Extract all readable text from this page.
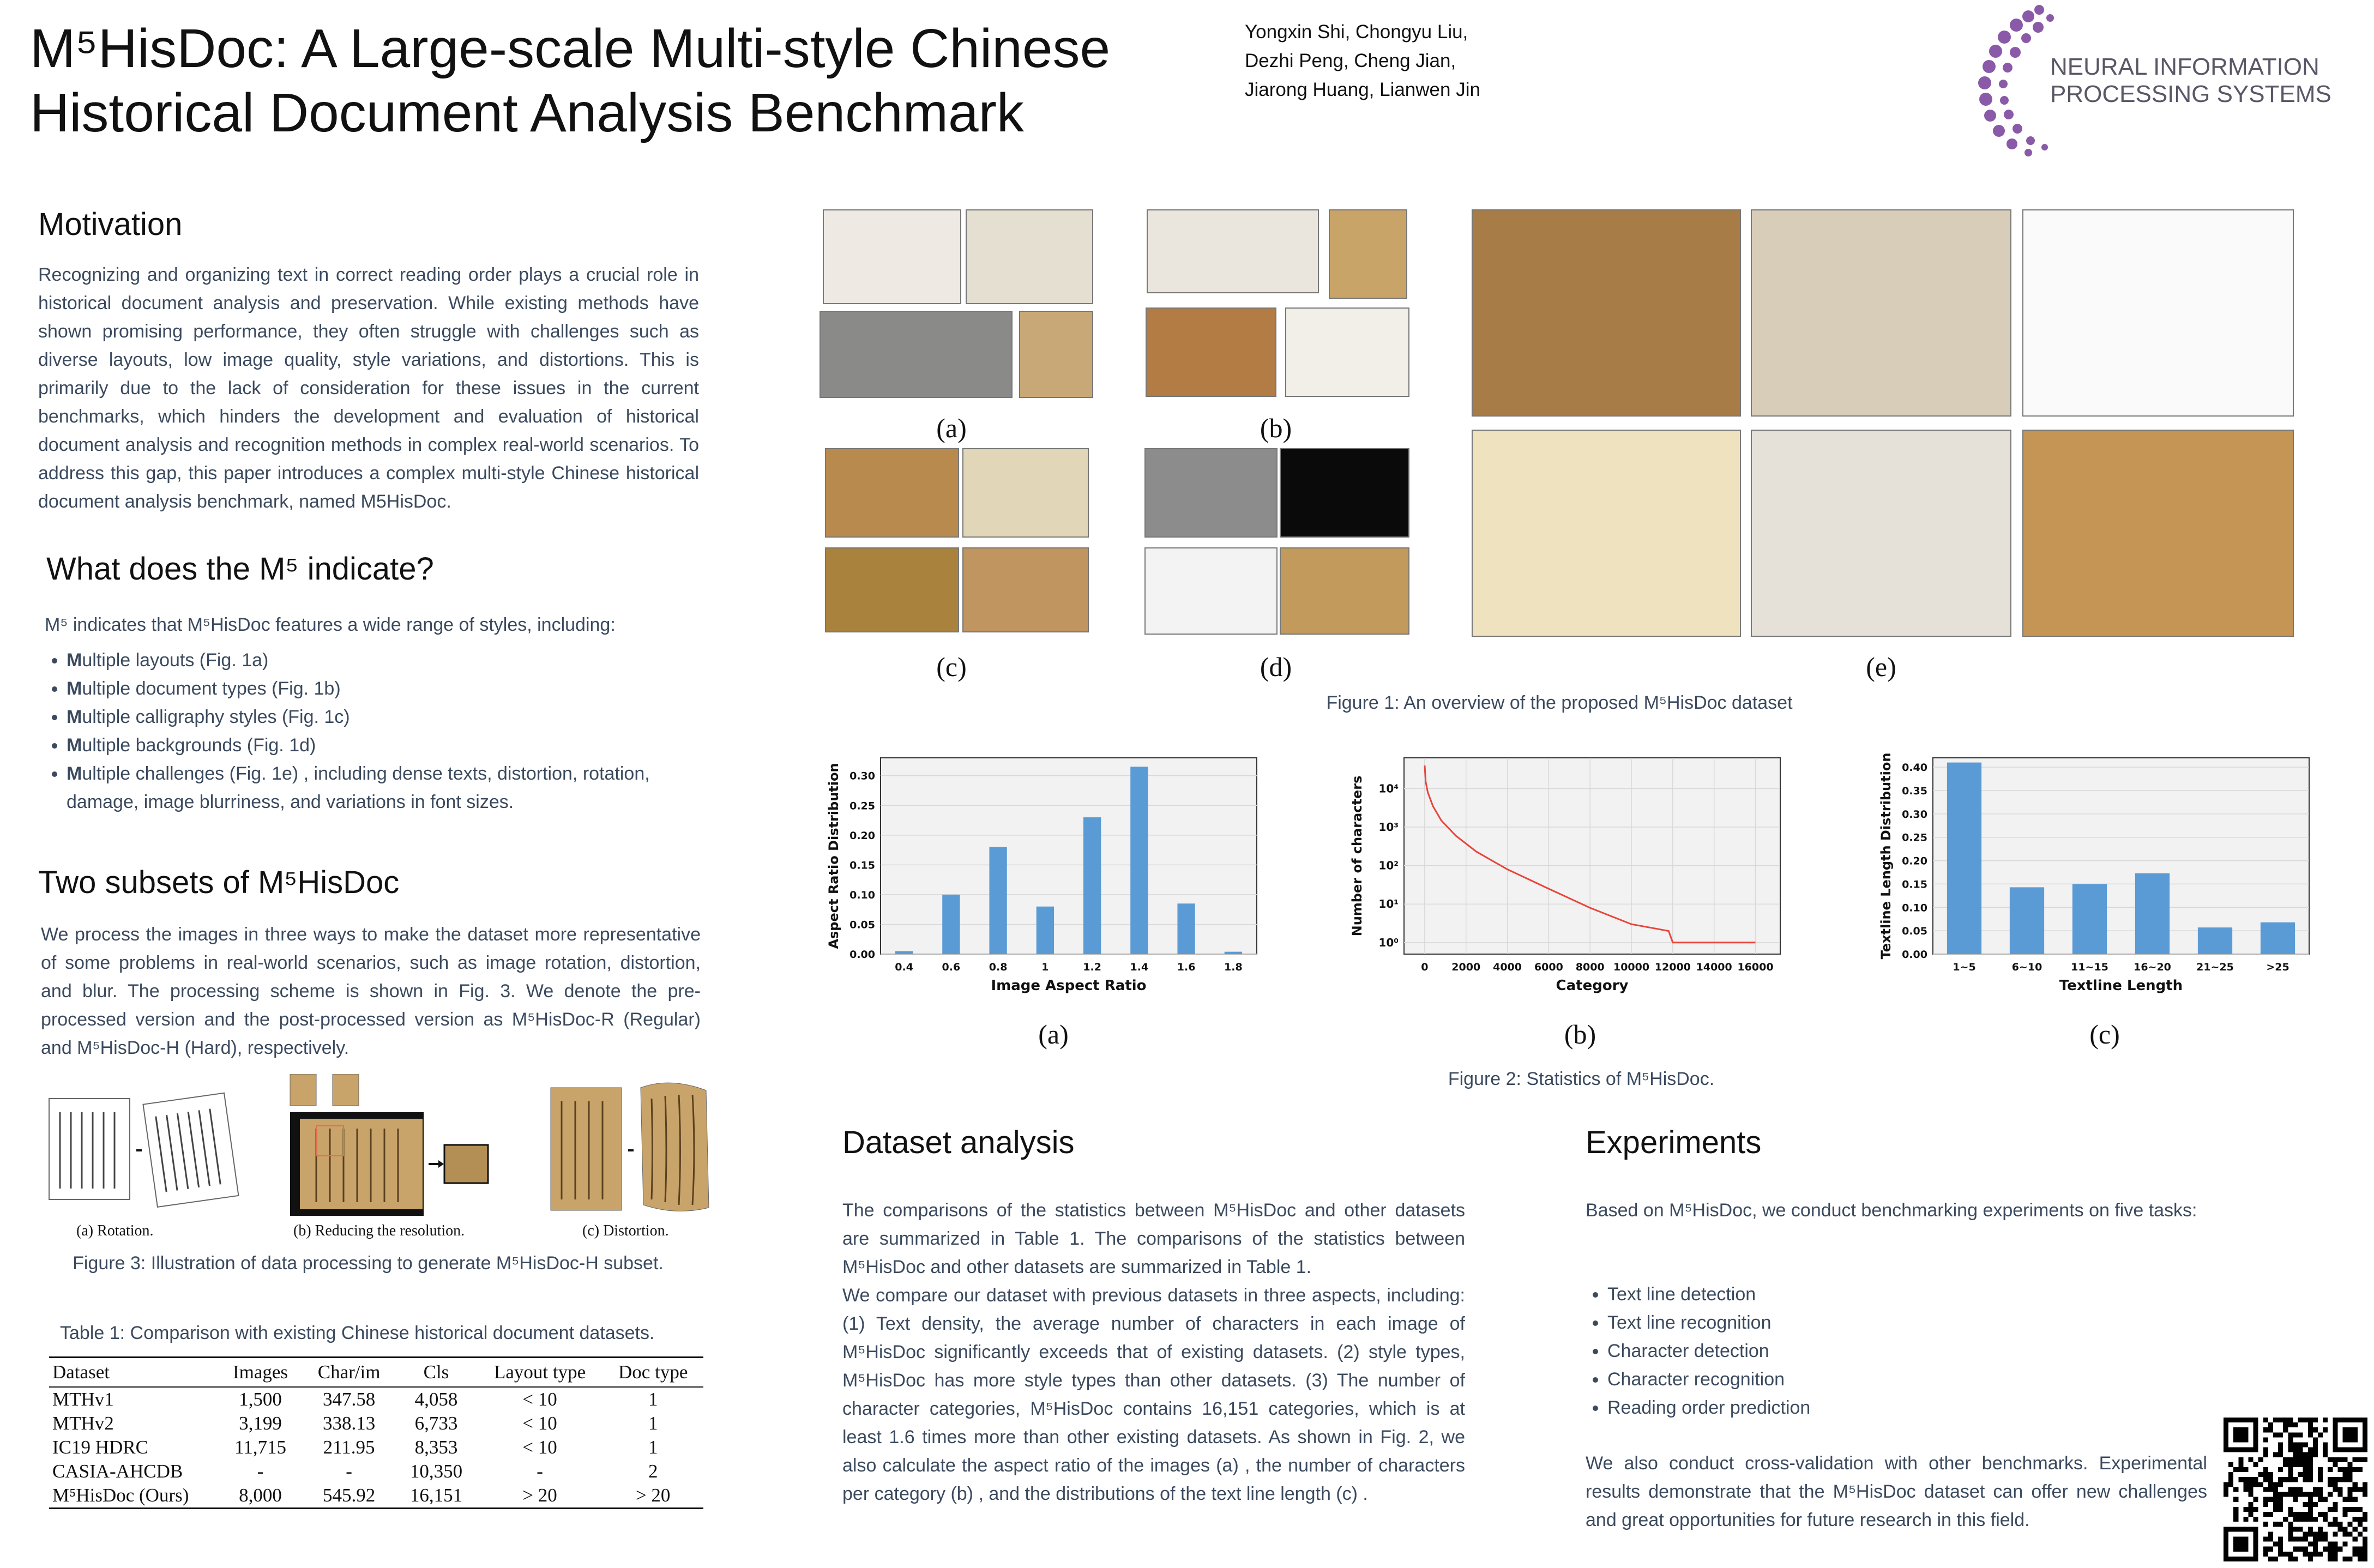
M⁵HisDoc: A Large-scale Multi-style Chinese
Historical Document Analysis Benchmark
Yongxin Shi, Chongyu Liu,
Dezhi Peng, Cheng Jian,
Jiarong Huang, Lianwen Jin
NEURAL INFORMATION
PROCESSING SYSTEMS
Motivation
Recognizing and organizing text in correct reading order plays a crucial role in historical document analysis and preservation. While existing methods have shown promising performance, they often struggle with challenges such as diverse layouts, low image quality, style variations, and distortions. This is primarily due to the lack of consideration for these issues in the current benchmarks, which hinders the development and evaluation of historical document analysis and recognition methods in complex real-world scenarios. To address this gap, this paper introduces a complex multi-style Chinese historical document analysis benchmark, named M5HisDoc.
What does the M⁵ indicate?
M⁵ indicates that M⁵HisDoc features a wide range of styles, including:
• Multiple layouts (Fig. 1a)
• Multiple document types (Fig. 1b)
• Multiple calligraphy styles (Fig. 1c)
• Multiple backgrounds (Fig. 1d)
• Multiple challenges (Fig. 1e) , including dense texts, distortion, rotation, damage, image blurriness, and variations in font sizes.
Two subsets of M⁵HisDoc
We process the images in three ways to make the dataset more representative of some problems in real-world scenarios, such as image rotation, distortion, and blur. The processing scheme is shown in Fig. 3. We denote the pre-processed version and the post-processed version as M⁵HisDoc-R (Regular) and M⁵HisDoc-H (Hard), respectively.
(a) Rotation.	(b) Reducing the resolution.	(c) Distortion.
Figure 3: Illustration of data processing to generate M⁵HisDoc-H subset.
Table 1: Comparison with existing Chinese historical document datasets.
Dataset	Images	Char/im	Cls	Layout type	Doc type
MTHv1	1,500	347.58	4,058	< 10	1
MTHv2	3,199	338.13	6,733	< 10	1
IC19 HDRC	11,715	211.95	8,353	< 10	1
CASIA-AHCDB	-	-	10,350	-	2
M⁵HisDoc (Ours)	8,000	545.92	16,151	> 20	> 20
(a)	(b)
(c)	(d)	(e)
Figure 1: An overview of the proposed M⁵HisDoc dataset
Image Aspect Ratio
Aspect Ratio Distribution
0.00
0.05
0.10
0.15
0.20
0.25
0.30
0.4	0.6	0.8	1	1.2	1.4	1.6	1.8
Category
Number of characters
10⁰
10¹
10²
10³
10⁴
0 2000 4000 6000 8000 10000 12000 14000 16000
Textline Length
Textline Length Distribution 0.00
0.05
0.10
0.15
0.20
0.25
0.30
0.35
0.40
1~5	6~10	11~15 16~20 21~25	>25
(a)	(b)	(c)
Figure 2: Statistics of M⁵HisDoc.
Dataset analysis
The comparisons of the statistics between M⁵HisDoc and other datasets are summarized in Table 1. The comparisons of the statistics between M⁵HisDoc and other datasets are summarized in Table 1.
We compare our dataset with previous datasets in three aspects, including: (1) Text density, the average number of characters in each image of M⁵HisDoc significantly exceeds that of existing datasets. (2) style types, M⁵HisDoc has more style types than other datasets. (3) The number of character categories, M⁵HisDoc contains 16,151 categories, which is at least 1.6 times more than other existing datasets. As shown in Fig. 2, we also calculate the aspect ratio of the images (a) , the number of characters per category (b) , and the distributions of the text line length (c) .
Experiments
Based on M⁵HisDoc, we conduct benchmarking experiments on five tasks:
• Text line detection
• Text line recognition
• Character detection
• Character recognition
• Reading order prediction
We also conduct cross-validation with other benchmarks. Experimental results demonstrate that the M⁵HisDoc dataset can offer new challenges and great opportunities for future research in this field.
